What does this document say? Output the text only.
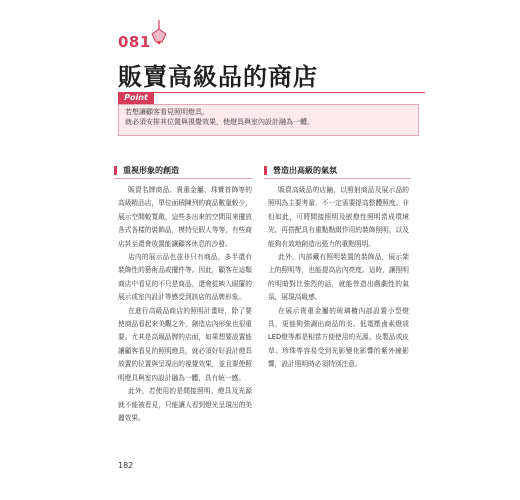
081
販賣高級品的商店
Point
若想讓顧客看見照明燈具，
就必須安排其位置與視覺效果，使燈具與室內設計融為一體。
重視形象的創造

販賣名牌商品、貴重金屬、珠寶首飾等的高級精品店，單位面積陳列的商品數量較少，展示空間較寬敞，這些多出來的空間用來擺放各式各樣的裝飾品，模特兒假人等等，有些商店甚至還會放置能讓顧客休息的沙發。

店內的展示品也並非只有商品，多半還有裝飾性的藝術品或擺件等。因此，顧客在這類商店中看見的不只是商品，還會從映入眼簾的展示或室內設計等感受到該店的品牌形象。

在進行高級品商店的照明計畫時，除了要使商品看起來美觀之外，創造店內形象也很重要。尤其是高級品牌的店面，如果想要設置能讓顧客看見的照明燈具，就必須好好設計燈具放置的位置與呈現出的視覺效果，並且要使照明燈具與室內設計融為一體，具有統一感。

此外，若使用的是間接照明，燈具及光源就不能被看見，只能讓人看到燈光呈現出的美麗效果。

營造出高級的氣氛

販賣高級品的店鋪，以照射商品及展示品的照明為主要考量，不一定需要提高整體照度。非但如此，可將間接照明及嵌燈性照明當成環境光，再搭配具有重點點綴作用的裝飾照明，以及能夠有效地創造出張力的重點照明。

此外，內部藏有照明裝置的裝飾品，展示架上的照明等，也能提高店內亮度。這時，讓照明的明暗對比強烈的話，就能營造出戲劇性的氣氛，展現高級感。

在展示貴重金屬的玻璃櫥內部設置小型燈具，更能夠強調出商品的美。低電壓鹵素燈或LED燈等都是相當方便使用的光源。皮製品或皮草、珍珠等容易受到光影變化影響的紫外線影響，設計照明時必須特別注意。

182
